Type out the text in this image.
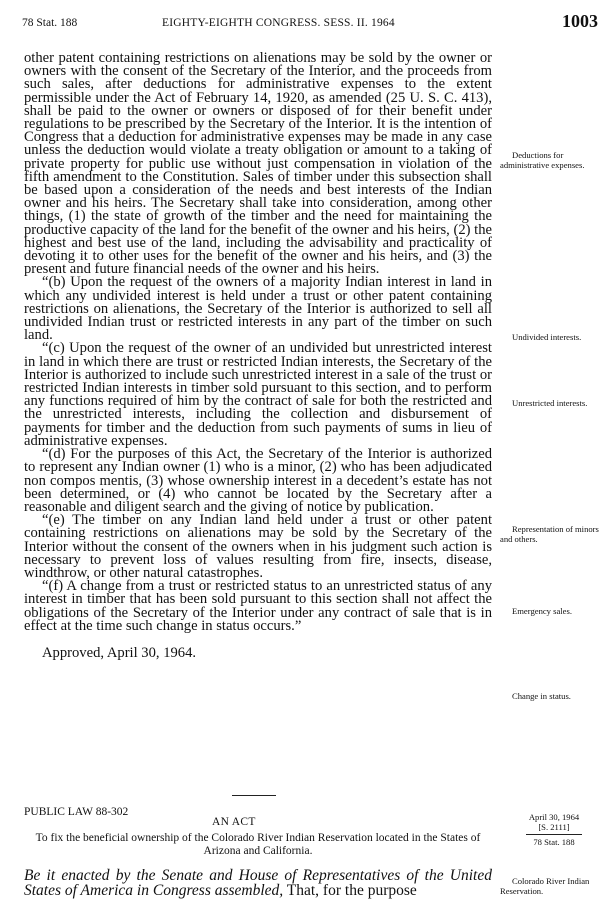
78 Stat. 188	EIGHTY-EIGHTH CONGRESS. SESS. II. 1964	1003

other patent containing restrictions on alienations may be sold by the owner or owners with the consent of the Secretary of the Interior, and the proceeds from such sales, after deductions for administrative expenses to the extent permissible under the Act of February 14, 1920, as amended (25 U. S. C. 413), shall be paid to the owner or owners or disposed of for their benefit under regulations to be prescribed by the Secretary of the Interior. It is the intention of Congress that a deduction for administrative expenses may be made in any case unless the deduction would violate a treaty obligation or amount to a taking of private property for public use without just compensation in violation of the fifth amendment to the Constitution. Sales of timber under this subsection shall be based upon a consideration of the needs and best interests of the Indian owner and his heirs. The Secretary shall take into consideration, among other things, (1) the state of growth of the timber and the need for maintaining the productive capacity of the land for the benefit of the owner and his heirs, (2) the highest and best use of the land, including the advisability and practicality of devoting it to other uses for the benefit of the owner and his heirs, and (3) the present and future financial needs of the owner and his heirs.

“(b) Upon the request of the owners of a majority Indian interest in land in which any undivided interest is held under a trust or other patent containing restrictions on alienations, the Secretary of the Interior is authorized to sell all undivided Indian trust or restricted interests in any part of the timber on such land.

“(c) Upon the request of the owner of an undivided but unrestricted interest in land in which there are trust or restricted Indian interests, the Secretary of the Interior is authorized to include such unrestricted interest in a sale of the trust or restricted Indian interests in timber sold pursuant to this section, and to perform any functions required of him by the contract of sale for both the restricted and the unrestricted interests, including the collection and disbursement of payments for timber and the deduction from such payments of sums in lieu of administrative expenses.

“(d) For the purposes of this Act, the Secretary of the Interior is authorized to represent any Indian owner (1) who is a minor, (2) who has been adjudicated non compos mentis, (3) whose ownership interest in a decedent’s estate has not been determined, or (4) who cannot be located by the Secretary after a reasonable and diligent search and the giving of notice by publication.

“(e) The timber on any Indian land held under a trust or other patent containing restrictions on alienations may be sold by the Secretary of the Interior without the consent of the owners when in his judgment such action is necessary to prevent loss of values resulting from fire, insects, disease, windthrow, or other natural catastrophes.

“(f) A change from a trust or restricted status to an unrestricted status of any interest in timber that has been sold pursuant to this section shall not affect the obligations of the Secretary of the Interior under any contract of sale that is in effect at the time such change in status occurs.”

Approved, April 30, 1964.

Deductions for administrative expenses.
Undivided interests.
Unrestricted interests.
Representation of minors and others.
Emergency sales.
Change in status.
PUBLIC LAW 88-302
AN ACT
To fix the beneficial ownership of the Colorado River Indian Reservation located in the States of Arizona and California.
April 30, 1964
[S. 2111]
78 Stat. 188
Be it enacted by the Senate and House of Representatives of the United States of America in Congress assembled, That, for the purpose
Colorado River Indian Reservation.
